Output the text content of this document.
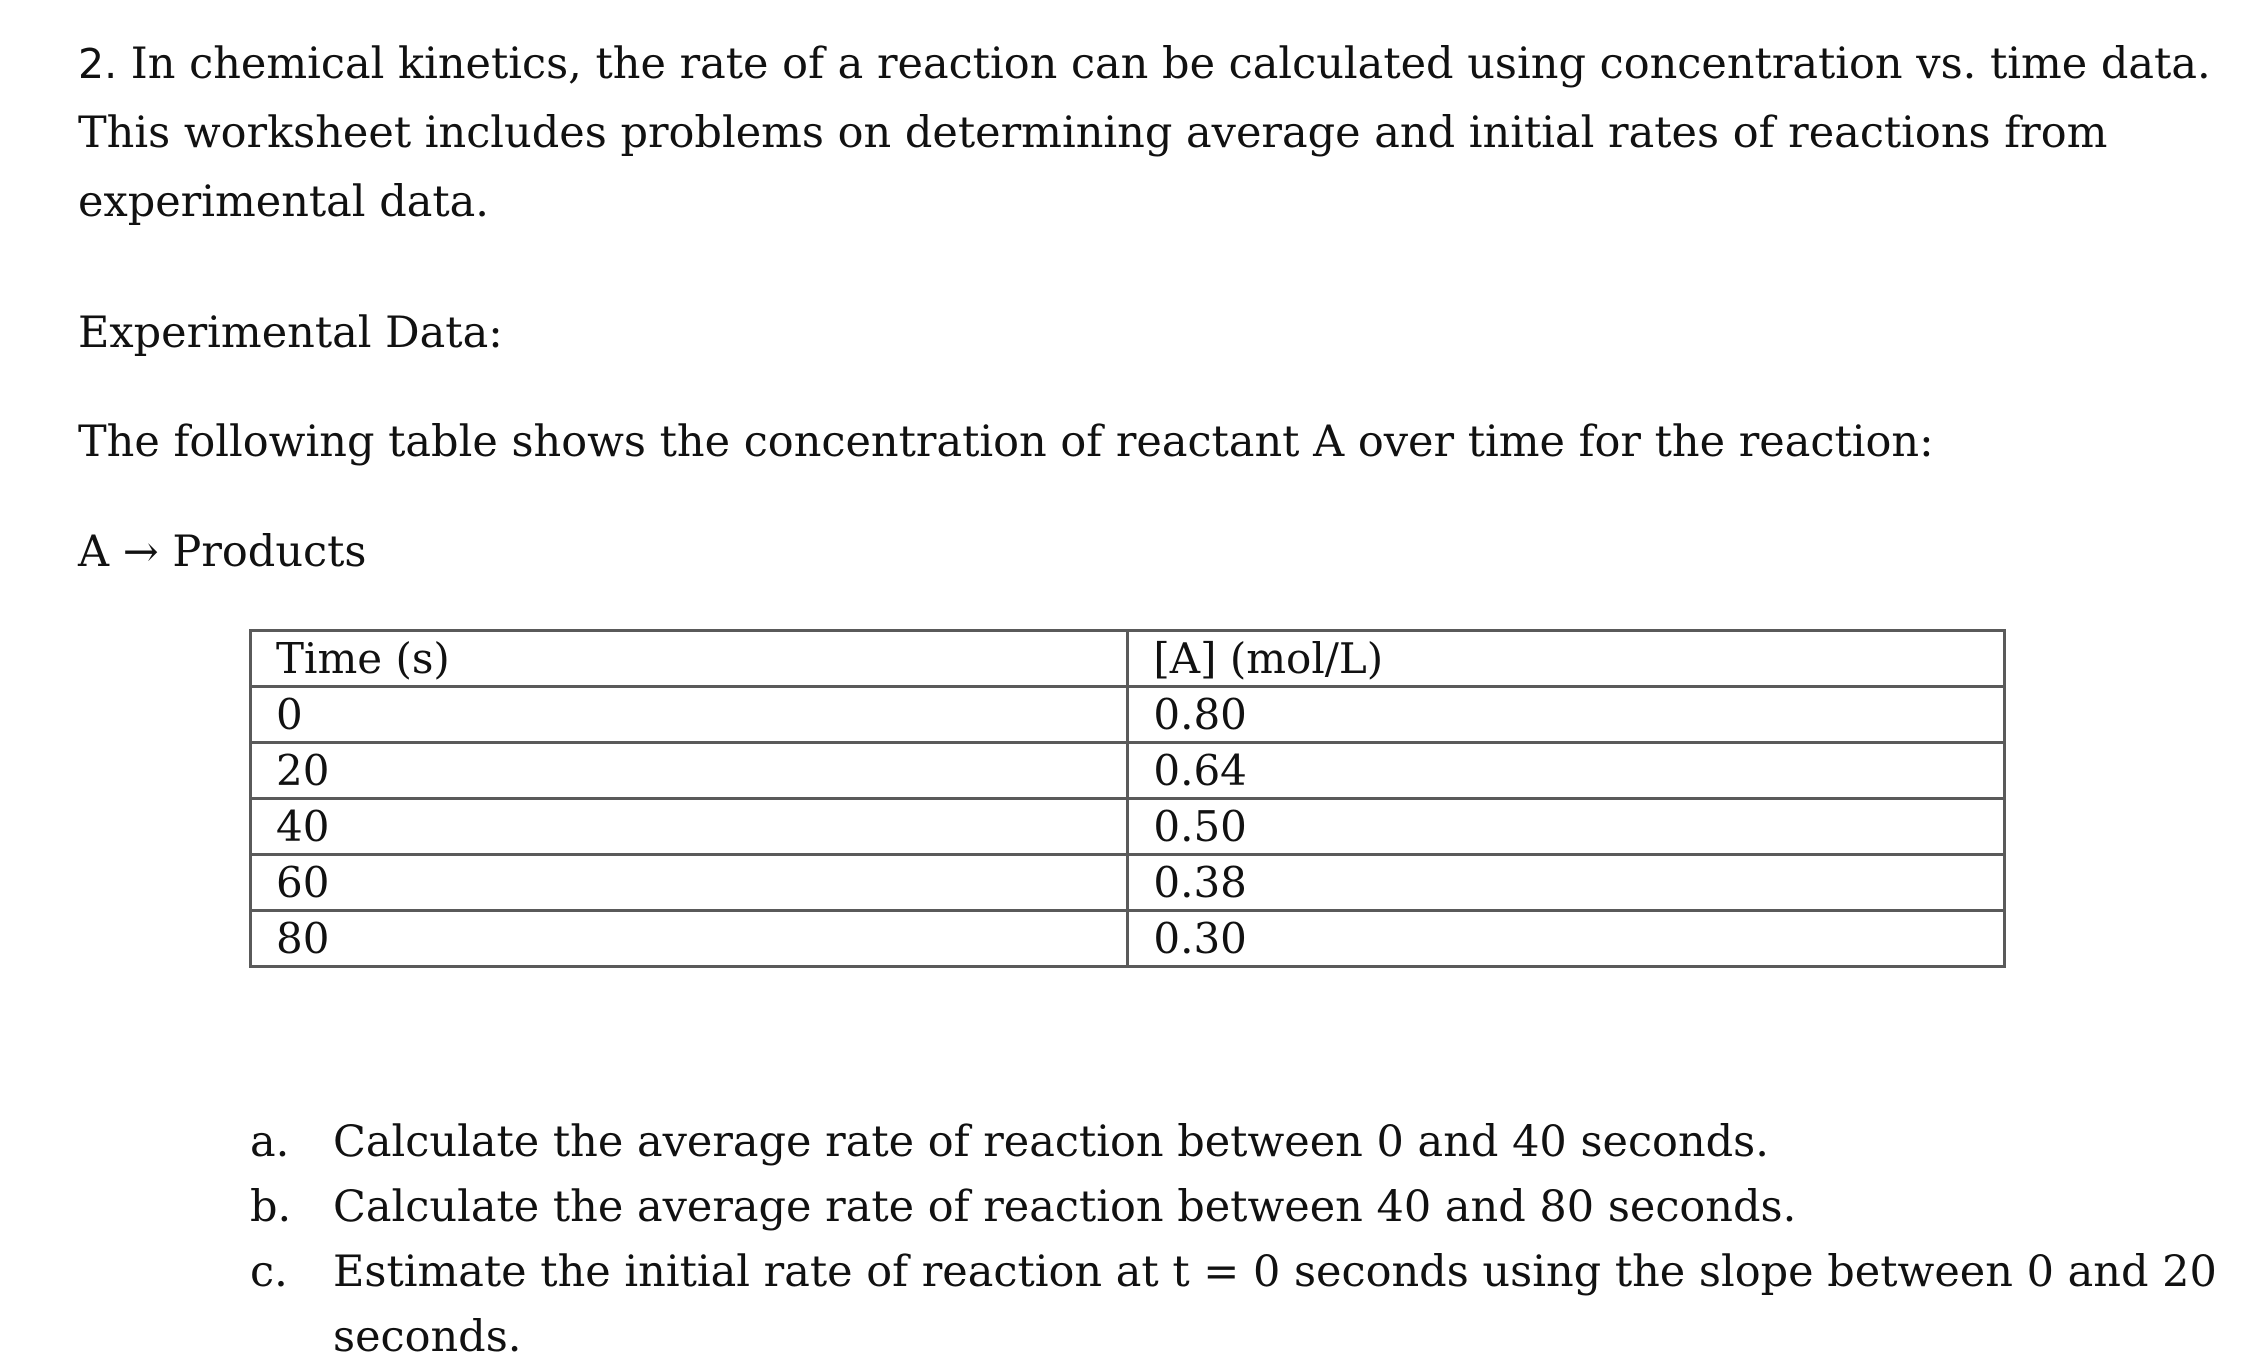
2. In chemical kinetics, the rate of a reaction can be calculated using concentration vs. time data. This worksheet includes problems on determining average and initial rates of reactions from experimental data.
Experimental Data:
The following table shows the concentration of reactant A over time for the reaction:
A → Products
Time (s)	[A] (mol/L)
0	0.80
20	0.64
40	0.50
60	0.38
80	0.30
a. Calculate the average rate of reaction between 0 and 40 seconds.
b. Calculate the average rate of reaction between 40 and 80 seconds.
c. Estimate the initial rate of reaction at t = 0 seconds using the slope between 0 and 20 seconds.
